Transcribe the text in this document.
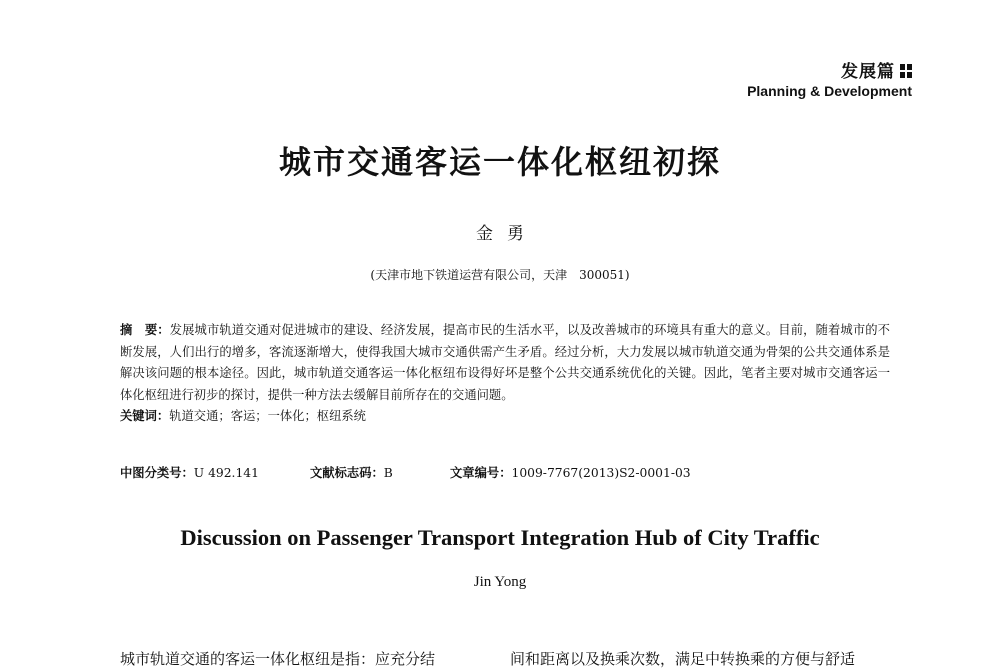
发展篇
Planning & Development
城市交通客运一体化枢纽初探
金勇
(天津市地下铁道运营有限公司，天津　300051)
摘　要：发展城市轨道交通对促进城市的建设、经济发展，提高市民的生活水平，以及改善城市的环境具有重大的意义。目前，随着城市的不断发展，人们出行的增多，客流逐渐增大，使得我国大城市交通供需产生矛盾。经过分析，大力发展以城市轨道交通为骨架的公共交通体系是解决该问题的根本途径。因此，城市轨道交通客运一体化枢纽布设得好坏是整个公共交通系统优化的关键。因此，笔者主要对城市交通客运一体化枢纽进行初步的探讨，提供一种方法去缓解目前所存在的交通问题。
关键词：轨道交通；客运；一体化；枢纽系统
中图分类号：U 492.141	文献标志码：B	文章编号：1009-7767(2013)S2-0001-03
Discussion on Passenger Transport Integration Hub of City Traffic
Jin Yong
城市轨道交通的客运一体化枢纽是指：应充分结	间和距离以及换乘次数，满足中转换乘的方便与舒适
